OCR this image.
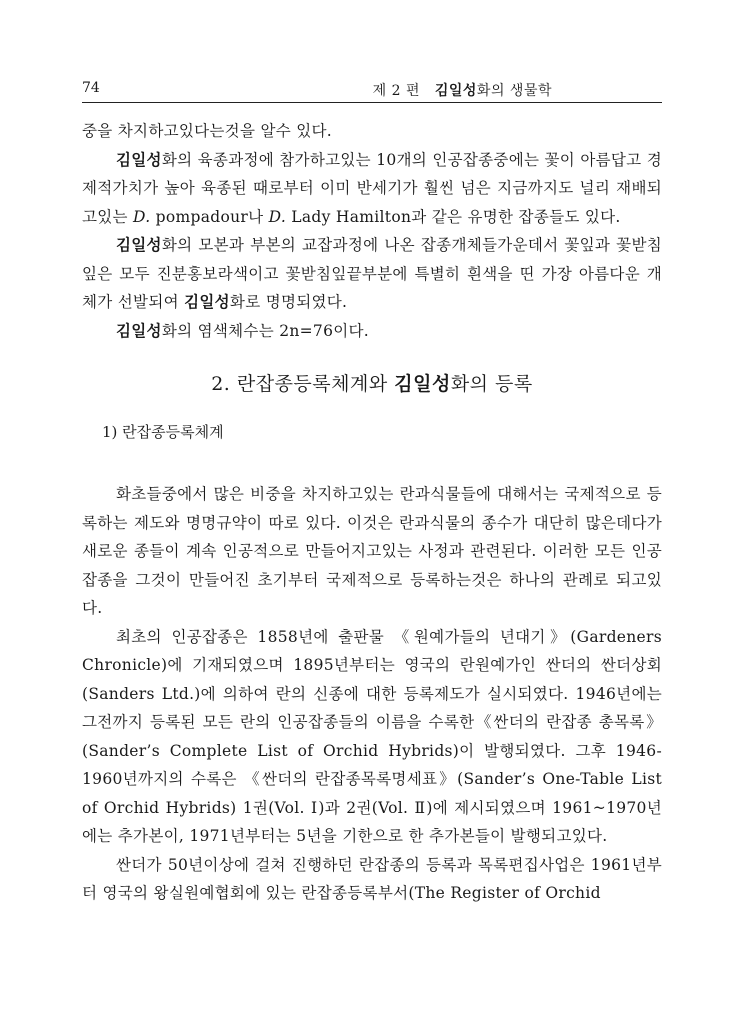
74	제 2 편 김일성화의 생물학

중을 차지하고있다는것을 알수 있다.

김일성화의 육종과정에 참가하고있는 10개의 인공잡종중에는 꽃이 아름답고 경제적가치가 높아 육종된 때로부터 이미 반세기가 훨씬 넘은 지금까지도 널리 재배되고있는 D. pompadour나 D. Lady Hamilton과 같은 유명한 잡종들도 있다.

김일성화의 모본과 부본의 교잡과정에 나온 잡종개체들가운데서 꽃잎과 꽃받침잎은 모두 진분홍보라색이고 꽃받침잎끝부분에 특별히 흰색을 띤 가장 아름다운 개체가 선발되여 김일성화로 명명되였다.

김일성화의 염색체수는 2n=76이다.

2. 란잡종등록체계와 김일성화의 등록
1) 란잡종등록체계

화초들중에서 많은 비중을 차지하고있는 란과식물들에 대해서는 국제적으로 등록하는 제도와 명명규약이 따로 있다. 이것은 란과식물의 종수가 대단히 많은데다가 새로운 종들이 계속 인공적으로 만들어지고있는 사정과 관련된다. 이러한 모든 인공잡종을 그것이 만들어진 초기부터 국제적으로 등록하는것은 하나의 관례로 되고있다.

최초의 인공잡종은 1858년에 출판물 《원예가들의 년대기》(Gardeners Chronicle)에 기재되였으며 1895년부터는 영국의 란원예가인 싼더의 싼더상회(Sanders Ltd.)에 의하여 란의 신종에 대한 등록제도가 실시되였다. 1946년에는 그전까지 등록된 모든 란의 인공잡종들의 이름을 수록한《싼더의 란잡종 총목록》(Sander’s Complete List of Orchid Hybrids)이 발행되였다. 그후 1946-1960년까지의 수록은 《싼더의 란잡종목록명세표》(Sander’s One-Table List of Orchid Hybrids) 1권(Vol. Ⅰ)과 2권(Vol. Ⅱ)에 제시되였으며 1961~1970년에는 추가본이, 1971년부터는 5년을 기한으로 한 추가본들이 발행되고있다.

싼더가 50년이상에 걸쳐 진행하던 란잡종의 등록과 목록편집사업은 1961년부터 영국의 왕실원예협회에 있는 란잡종등록부서(The Register of Orchid
